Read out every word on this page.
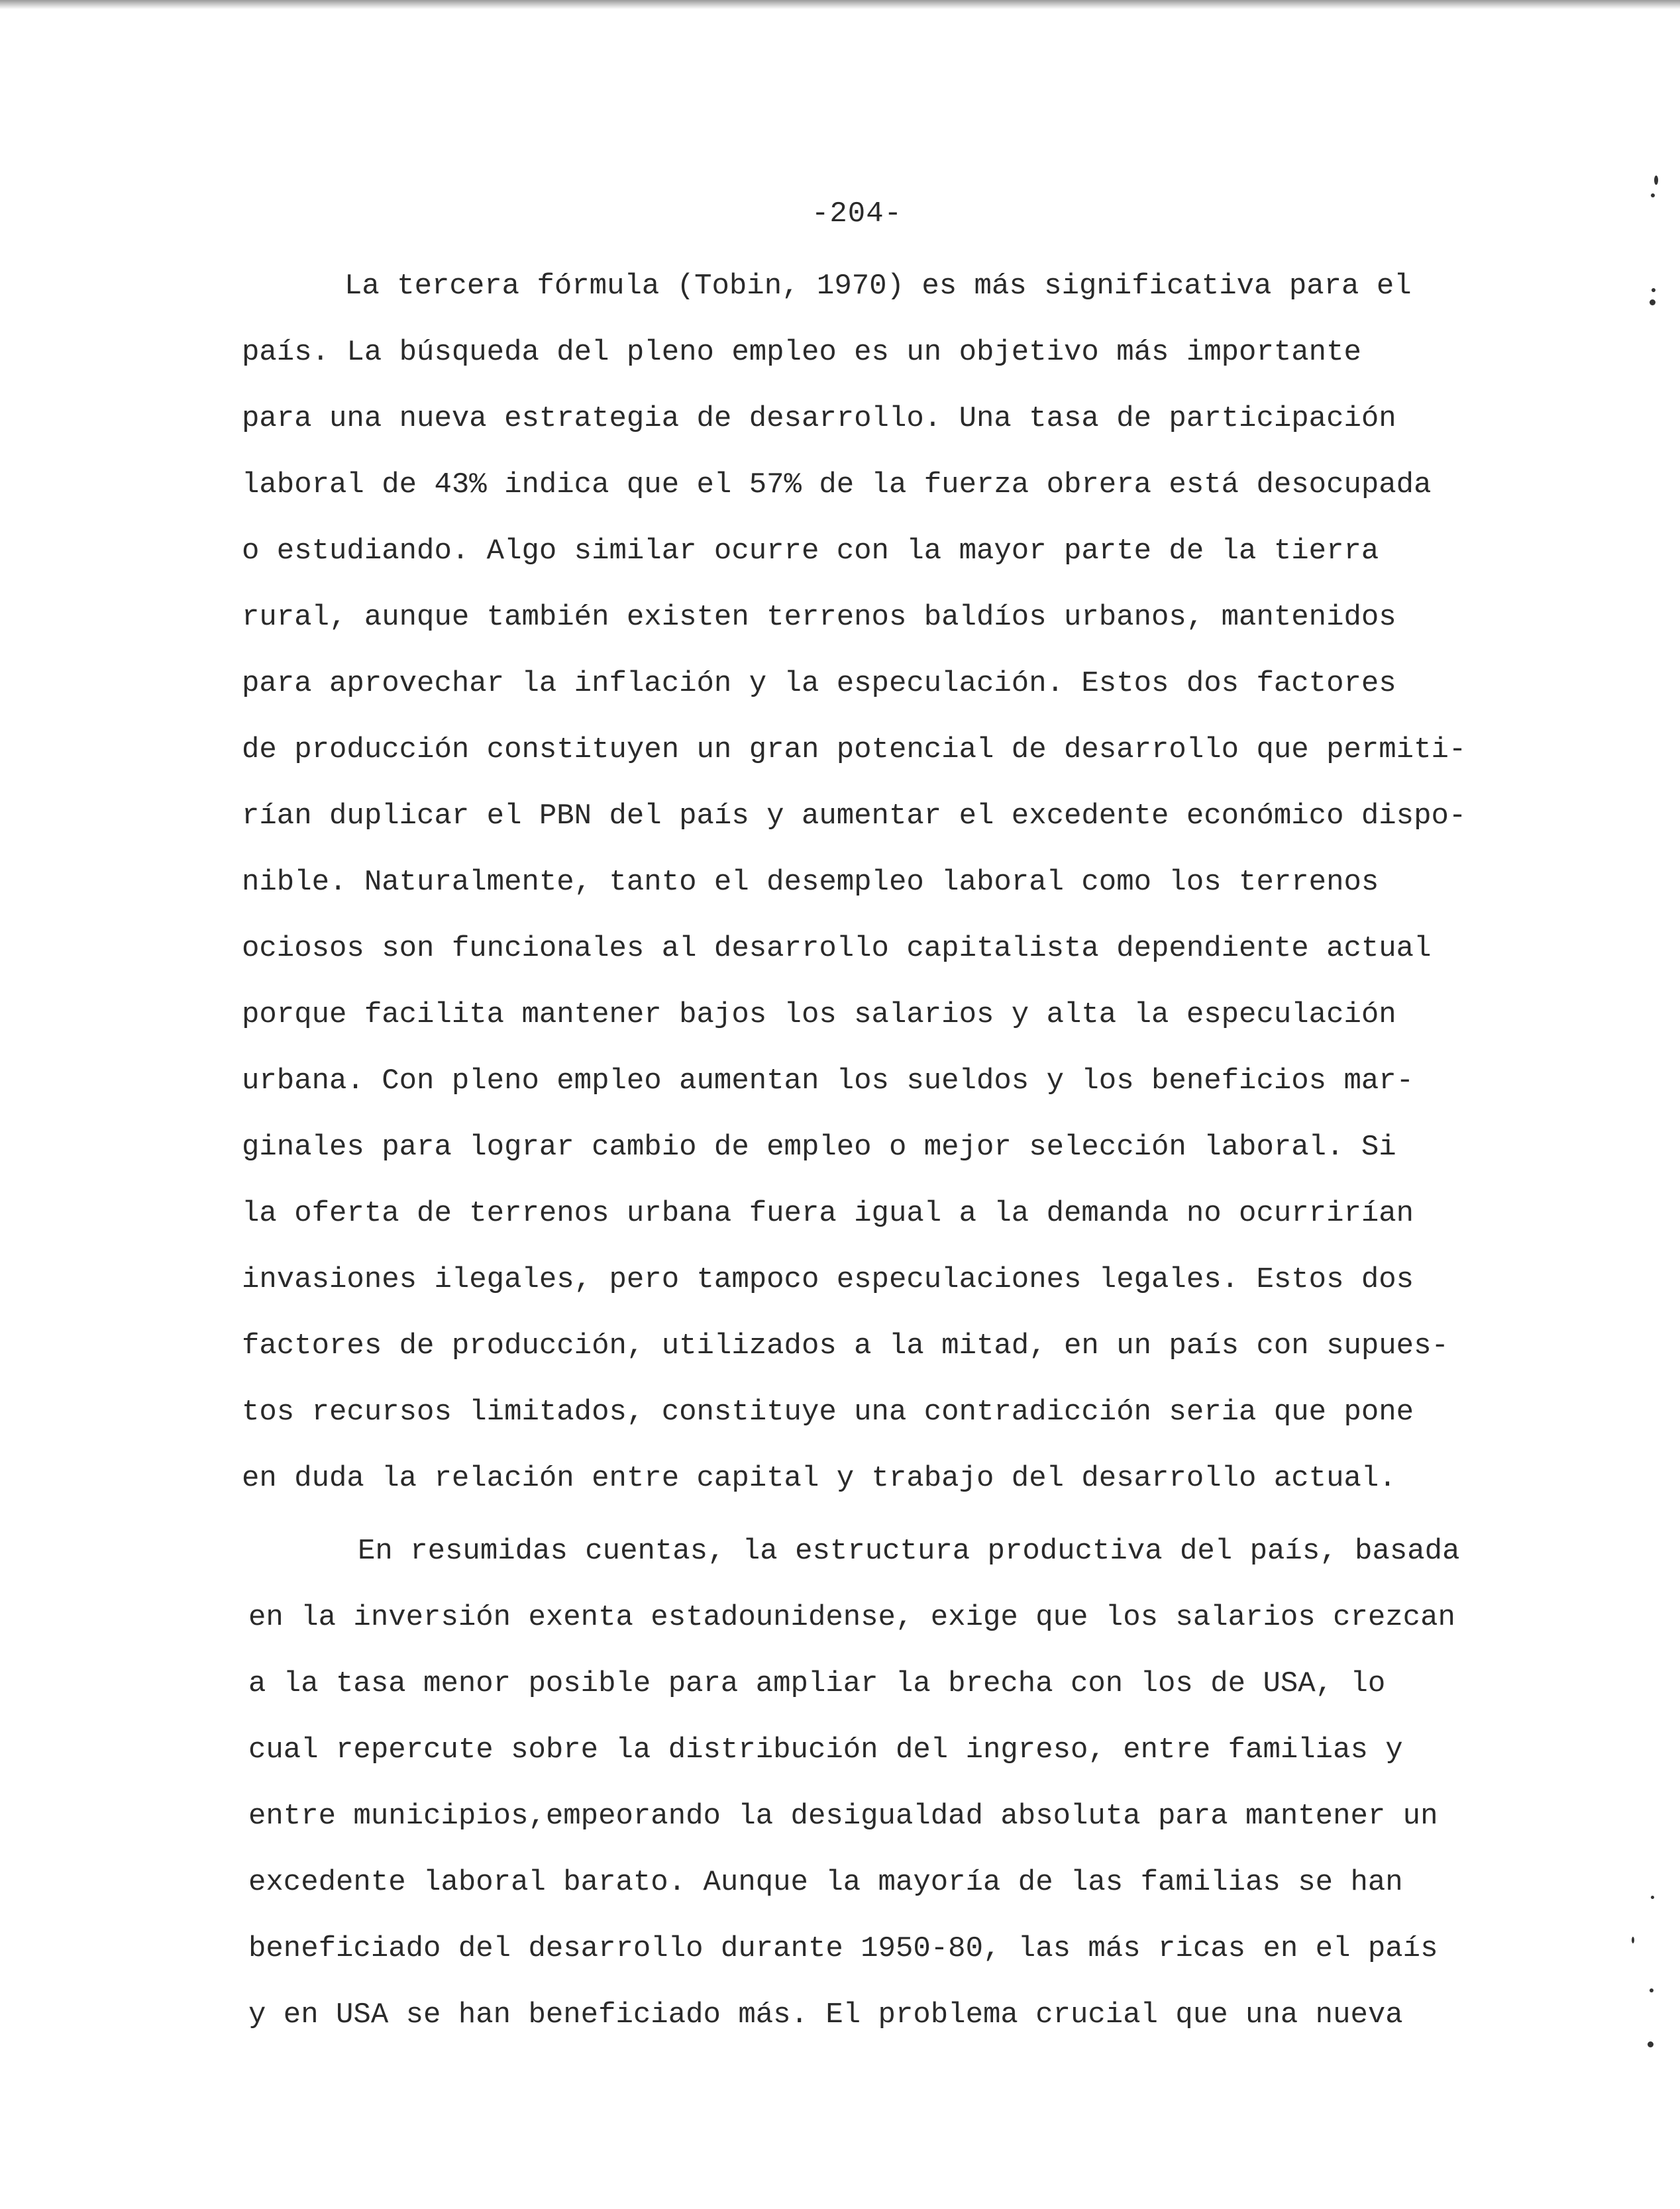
-204-
La tercera fórmula (Tobin, 1970) es más significativa para el
país. La búsqueda del pleno empleo es un objetivo más importante
para una nueva estrategia de desarrollo. Una tasa de participación
laboral de 43% indica que el 57% de la fuerza obrera está desocupada
o estudiando. Algo similar ocurre con la mayor parte de la tierra
rural, aunque también existen terrenos baldíos urbanos, mantenidos
para aprovechar la inflación y la especulación. Estos dos factores
de producción constituyen un gran potencial de desarrollo que permiti-
rían duplicar el PBN del país y aumentar el excedente económico dispo-
nible. Naturalmente, tanto el desempleo laboral como los terrenos
ociosos son funcionales al desarrollo capitalista dependiente actual
porque facilita mantener bajos los salarios y alta la especulación
urbana. Con pleno empleo aumentan los sueldos y los beneficios mar-
ginales para lograr cambio de empleo o mejor selección laboral. Si
la oferta de terrenos urbana fuera igual a la demanda no ocurrirían
invasiones ilegales, pero tampoco especulaciones legales. Estos dos
factores de producción, utilizados a la mitad, en un país con supues-
tos recursos limitados, constituye una contradicción seria que pone
en duda la relación entre capital y trabajo del desarrollo actual.
En resumidas cuentas, la estructura productiva del país, basada
en la inversión exenta estadounidense, exige que los salarios crezcan
a la tasa menor posible para ampliar la brecha con los de USA, lo
cual repercute sobre la distribución del ingreso, entre familias y
entre municipios,empeorando la desigualdad absoluta para mantener un
excedente laboral barato. Aunque la mayoría de las familias se han
beneficiado del desarrollo durante 1950-80, las más ricas en el país
y en USA se han beneficiado más. El problema crucial que una nueva
